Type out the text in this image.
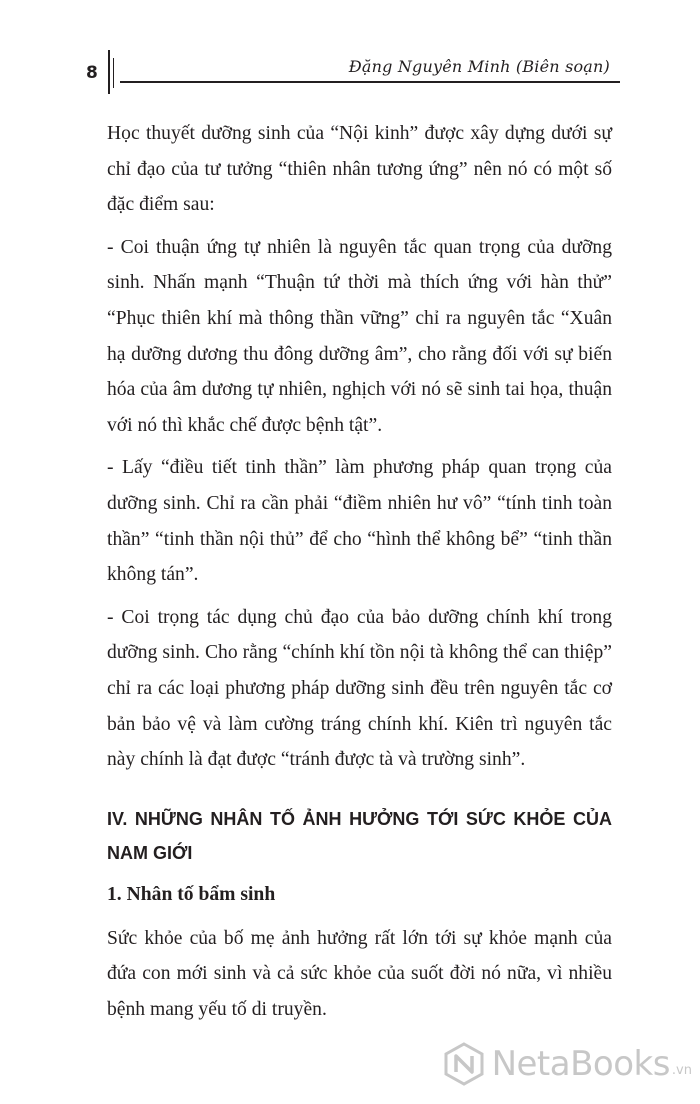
8	Đặng Nguyên Minh (Biên soạn)

Học thuyết dưỡng sinh của “Nội kinh” được xây dựng dưới sự chỉ đạo của tư tưởng “thiên nhân tương ứng” nên nó có một số đặc điểm sau:

- Coi thuận ứng tự nhiên là nguyên tắc quan trọng của dưỡng sinh. Nhấn mạnh “Thuận tứ thời mà thích ứng với hàn thử” “Phục thiên khí mà thông thần vững” chỉ ra nguyên tắc “Xuân hạ dưỡng dương thu đông dưỡng âm”, cho rằng đối với sự biến hóa của âm dương tự nhiên, nghịch với nó sẽ sinh tai họa, thuận với nó thì khắc chế được bệnh tật”.

- Lấy “điều tiết tinh thần” làm phương pháp quan trọng của dưỡng sinh. Chỉ ra cần phải “điềm nhiên hư vô” “tính tinh toàn thần” “tinh thần nội thủ” để cho “hình thể không bể” “tinh thần không tán”.

- Coi trọng tác dụng chủ đạo của bảo dưỡng chính khí trong dưỡng sinh. Cho rằng “chính khí tồn nội tà không thể can thiệp” chỉ ra các loại phương pháp dưỡng sinh đều trên nguyên tắc cơ bản bảo vệ và làm cường tráng chính khí. Kiên trì nguyên tắc này chính là đạt được “tránh được tà và trường sinh”.

IV. NHỮNG NHÂN TỐ ẢNH HƯỞNG TỚI SỨC KHỎE CỦA NAM GIỚI
1. Nhân tố bẩm sinh

Sức khỏe của bố mẹ ảnh hưởng rất lớn tới sự khỏe mạnh của đứa con mới sinh và cả sức khỏe của suốt đời nó nữa, vì nhiều bệnh mang yếu tố di truyền.

NetaBooks .vn
